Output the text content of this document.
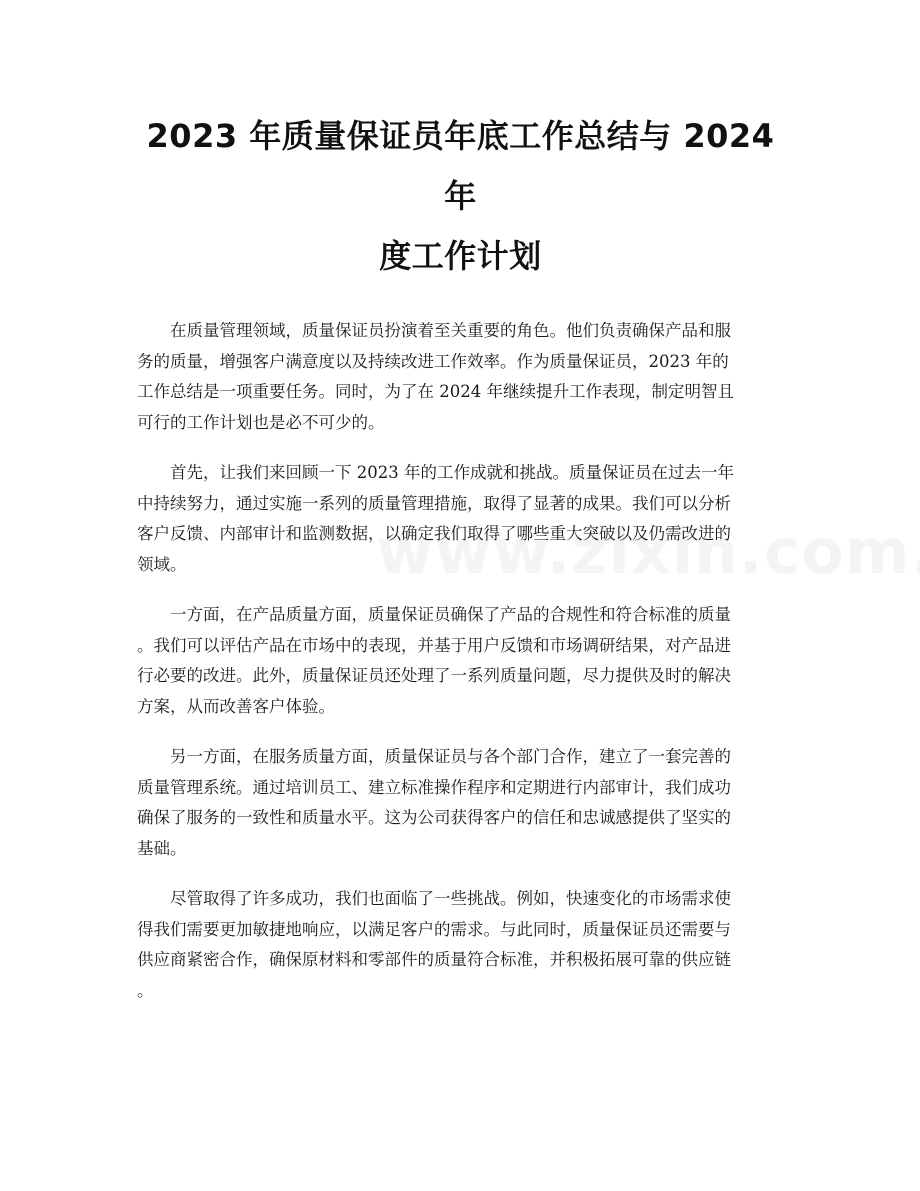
2023 年质量保证员年底工作总结与 2024 年
度工作计划

在质量管理领域，质量保证员扮演着至关重要的角色。他们负责确保产品和服
务的质量，增强客户满意度以及持续改进工作效率。作为质量保证员，2023 年的
工作总结是一项重要任务。同时，为了在 2024 年继续提升工作表现，制定明智且
可行的工作计划也是必不可少的。

首先，让我们来回顾一下 2023 年的工作成就和挑战。质量保证员在过去一年
中持续努力，通过实施一系列的质量管理措施，取得了显著的成果。我们可以分析
客户反馈、内部审计和监测数据，以确定我们取得了哪些重大突破以及仍需改进的
领域。

一方面，在产品质量方面，质量保证员确保了产品的合规性和符合标准的质量
。我们可以评估产品在市场中的表现，并基于用户反馈和市场调研结果，对产品进
行必要的改进。此外，质量保证员还处理了一系列质量问题，尽力提供及时的解决
方案，从而改善客户体验。

另一方面，在服务质量方面，质量保证员与各个部门合作，建立了一套完善的
质量管理系统。通过培训员工、建立标准操作程序和定期进行内部审计，我们成功
确保了服务的一致性和质量水平。这为公司获得客户的信任和忠诚感提供了坚实的
基础。

尽管取得了许多成功，我们也面临了一些挑战。例如，快速变化的市场需求使
得我们需要更加敏捷地响应，以满足客户的需求。与此同时，质量保证员还需要与
供应商紧密合作，确保原材料和零部件的质量符合标准，并积极拓展可靠的供应链
。
